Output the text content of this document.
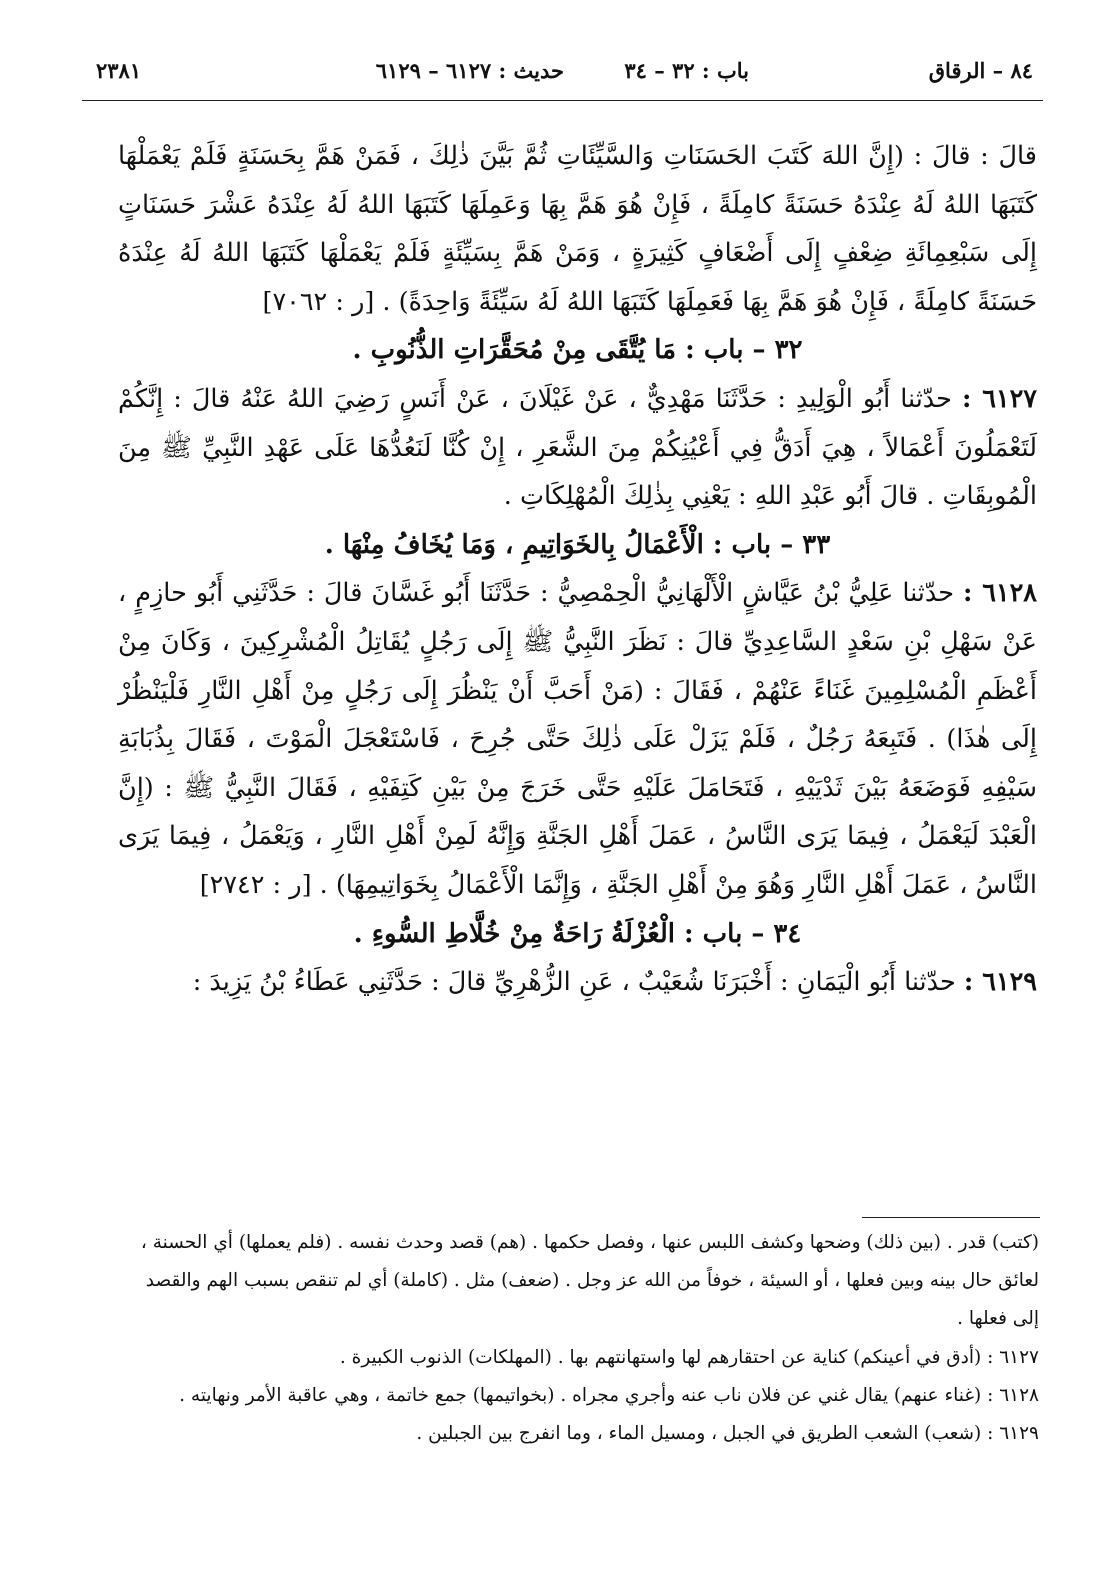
٨٤ – الرقاق
باب : ٣٢ – ٣٤
حديث : ٦١٢٧ – ٦١٢٩
٢٣٨١

قالَ : قالَ : (إِنَّ اللهَ كَتَبَ الحَسَنَاتِ وَالسَّيِّئَاتِ ثُمَّ بَيَّنَ ذٰلِكَ ، فَمَنْ هَمَّ بِحَسَنَةٍ فَلَمْ يَعْمَلْهَا كَتَبَهَا اللهُ لَهُ عِنْدَهُ حَسَنَةً كامِلَةً ، فَإِنْ هُوَ هَمَّ بِهَا وَعَمِلَهَا كَتَبَهَا اللهُ لَهُ عِنْدَهُ عَشْرَ حَسَنَاتٍ إِلَى سَبْعِمِائَةِ ضِعْفٍ إِلَى أَضْعَافٍ كَثِيرَةٍ ، وَمَنْ هَمَّ بِسَيِّئَةٍ فَلَمْ يَعْمَلْهَا كَتَبَهَا اللهُ لَهُ عِنْدَهُ حَسَنَةً كامِلَةً ، فَإِنْ هُوَ هَمَّ بِهَا فَعَمِلَهَا كَتَبَهَا اللهُ لَهُ سَيِّئَةً وَاحِدَةً) . [ر : ٧٠٦٢]

٣٢ – باب : مَا يُتَّقَى مِنْ مُحَقَّرَاتِ الذُّنُوبِ .

٦١٢٧ : حدّثنا أَبُو الْوَلِيدِ : حَدَّثَنَا مَهْدِيٌّ ، عَنْ غَيْلَانَ ، عَنْ أَنَسٍ رَضِيَ اللهُ عَنْهُ قالَ : إِنَّكُمْ لَتَعْمَلُونَ أَعْمَالاً ، هِيَ أَدَقُّ فِي أَعْيُنِكُمْ مِنَ الشَّعَرِ ، إِنْ كُنَّا لَنَعُدُّهَا عَلَى عَهْدِ النَّبِيِّ ﷺ مِنَ الْمُوبِقَاتِ . قالَ أَبُو عَبْدِ اللهِ : يَعْنِي بِذٰلِكَ الْمُهْلِكَاتِ .

٣٣ – باب : الْأَعْمَالُ بِالخَوَاتِيمِ ، وَمَا يُخَافُ مِنْهَا .

٦١٢٨ : حدّثنا عَلِيُّ بْنُ عَيَّاشٍ الْأَلْهَانِيُّ الْحِمْصِيُّ : حَدَّثَنَا أَبُو غَسَّانَ قالَ : حَدَّثَنِي أَبُو حازِمٍ ، عَنْ سَهْلِ بْنِ سَعْدٍ السَّاعِدِيِّ قالَ : نَظَرَ النَّبِيُّ ﷺ إِلَى رَجُلٍ يُقَاتِلُ الْمُشْرِكِينَ ، وَكَانَ مِنْ أَعْظَمِ الْمُسْلِمِينَ غَنَاءً عَنْهُمْ ، فَقَالَ : (مَنْ أَحَبَّ أَنْ يَنْظُرَ إِلَى رَجُلٍ مِنْ أَهْلِ النَّارِ فَلْيَنْظُرْ إِلَى هٰذَا) . فَتَبِعَهُ رَجُلٌ ، فَلَمْ يَزَلْ عَلَى ذٰلِكَ حَتَّى جُرِحَ ، فَاسْتَعْجَلَ الْمَوْتَ ، فَقَالَ بِذُبَابَةِ سَيْفِهِ فَوَضَعَهُ بَيْنَ ثَدْيَيْهِ ، فَتَحَامَلَ عَلَيْهِ حَتَّى خَرَجَ مِنْ بَيْنِ كَتِفَيْهِ ، فَقَالَ النَّبِيُّ ﷺ : (إِنَّ الْعَبْدَ لَيَعْمَلُ ، فِيمَا يَرَى النَّاسُ ، عَمَلَ أَهْلِ الجَنَّةِ وَإِنَّهُ لَمِنْ أَهْلِ النَّارِ ، وَيَعْمَلُ ، فِيمَا يَرَى النَّاسُ ، عَمَلَ أَهْلِ النَّارِ وَهُوَ مِنْ أَهْلِ الجَنَّةِ ، وَإِنَّمَا الْأَعْمَالُ بِخَوَاتِيمِهَا) . [ر : ٢٧٤٢]

٣٤ – باب : الْعُزْلَةُ رَاحَةٌ مِنْ خُلَّاطِ السُّوءِ .

٦١٢٩ : حدّثنا أَبُو الْيَمَانِ : أَخْبَرَنَا شُعَيْبٌ ، عَنِ الزُّهْرِيِّ قالَ : حَدَّثَنِي عَطَاءُ بْنُ يَزِيدَ :

(كتب) قدر . (بين ذلك) وضحها وكشف اللبس عنها ، وفصل حكمها . (هم) قصد وحدث نفسه . (فلم يعملها) أي الحسنة ، لعائق حال بينه وبين فعلها ، أو السيئة ، خوفاً من الله عز وجل . (ضعف) مثل . (كاملة) أي لم تنقص بسبب الهم والقصد إلى فعلها .

٦١٢٧ : (أدق في أعينكم) كناية عن احتقارهم لها واستهانتهم بها . (المهلكات) الذنوب الكبيرة .

٦١٢٨ : (غناء عنهم) يقال غني عن فلان ناب عنه وأجري مجراه . (بخواتيمها) جمع خاتمة ، وهي عاقبة الأمر ونهايته .

٦١٢٩ : (شعب) الشعب الطريق في الجبل ، ومسيل الماء ، وما انفرج بين الجبلين .
